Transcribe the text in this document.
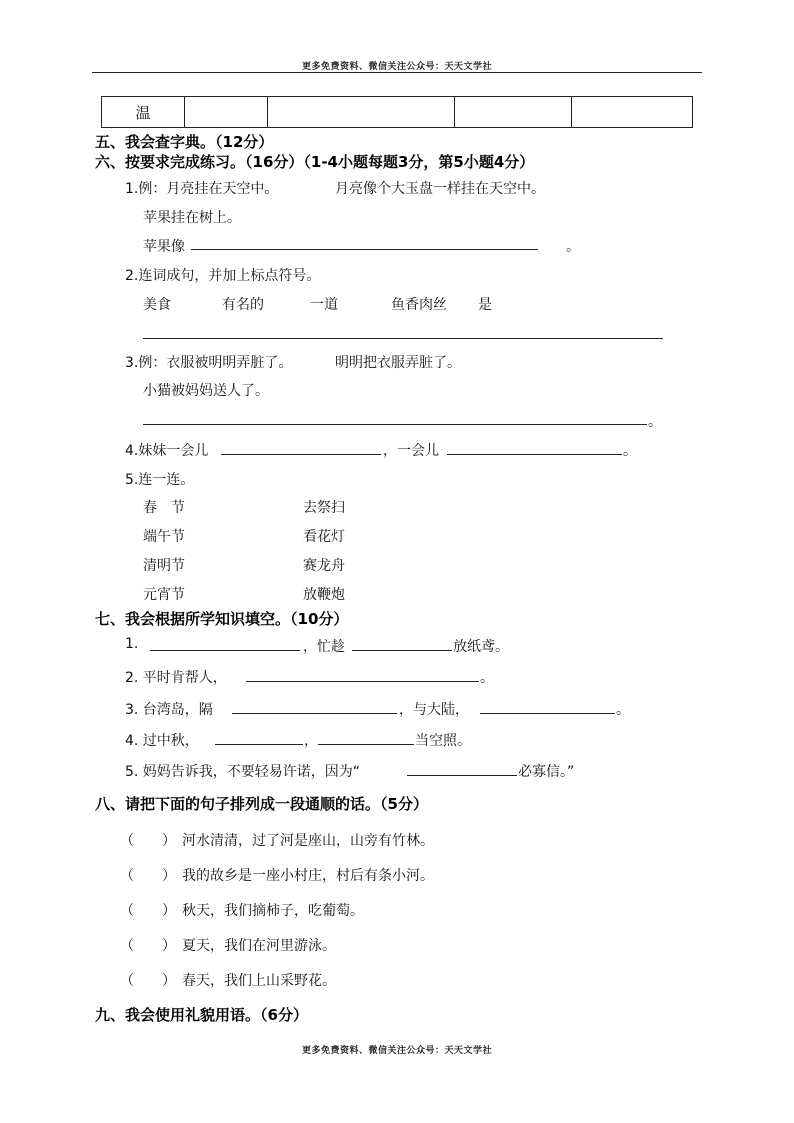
更多免费资料、微信关注公众号：天天文学社
温				
五、我会查字典。（12分）
六、按要求完成练习。（16分）（1-4小题每题3分，第5小题4分）
1.例：月亮挂在天空中。	月亮像个大玉盘一样挂在天空中。
苹果挂在树上。
苹果像	。
2.连词成句，并加上标点符号。
美食	有名的	一道	鱼香肉丝 是
3.例：衣服被明明弄脏了。	明明把衣服弄脏了。
小猫被妈妈送人了。
。
4.妹妹一会儿	，一会儿	。
5.连一连。
春　节
端午节
清明节
元宵节
去祭扫
看花灯
赛龙舟
放鞭炮
七、我会根据所学知识填空。（10分）
1.	，忙趁	放纸鸢。
2. 平时肯帮人，	。
3. 台湾岛，隔	，与大陆，	。
4. 过中秋，	，	当空照。
5. 妈妈告诉我，不要轻易许诺，因为“	必寡信。”
八、请把下面的句子排列成一段通顺的话。（5分）
（　　） 河水清清，过了河是座山，山旁有竹林。
（　　） 我的故乡是一座小村庄，村后有条小河。
（　　） 秋天，我们摘柿子，吃葡萄。
（　　） 夏天，我们在河里游泳。
（　　） 春天，我们上山采野花。
九、我会使用礼貌用语。（6分）
更多免费资料、微信关注公众号：天天文学社
